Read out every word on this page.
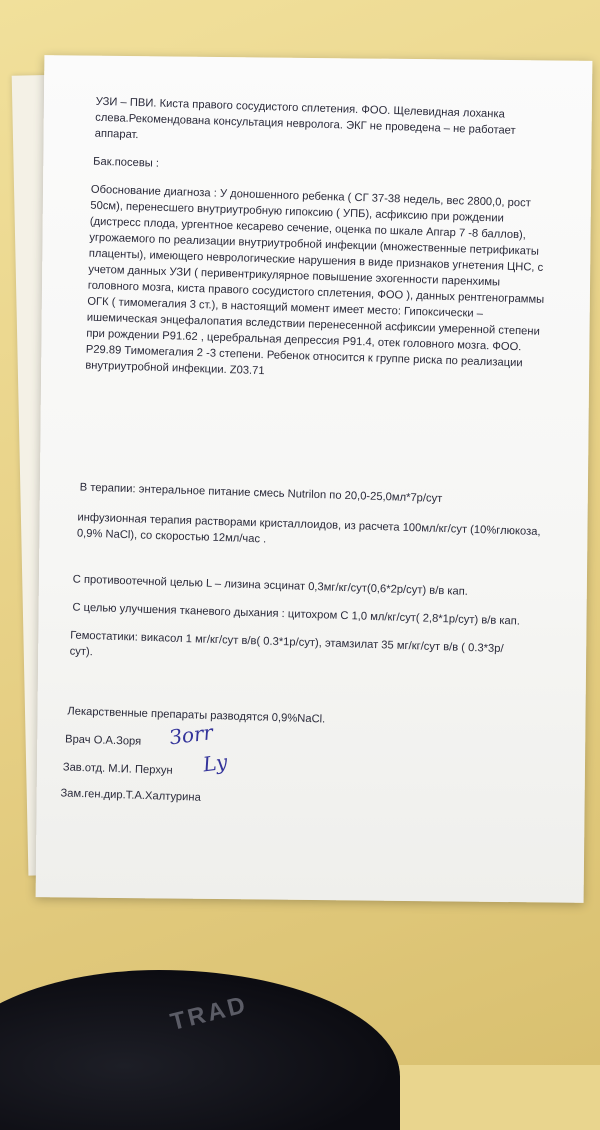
УЗИ – ПВИ. Киста правого сосудистого сплетения. ФОО. Щелевидная лоханка слева.Рекомендована консультация невролога. ЭКГ не проведена – не работает аппарат.

Бак.посевы :

Обоснование диагноза : У доношенного ребенка ( СГ 37-38 недель, вес 2800,0, рост 50см), перенесшего внутриутробную гипоксию ( УПБ), асфиксию при рождении (дистресс плода, ургентное кесарево сечение, оценка по шкале Апгар 7 -8 баллов), угрожаемого по реализации внутриутробной инфекции (множественные петрификаты плаценты), имеющего неврологические нарушения в виде признаков угнетения ЦНС, с учетом данных УЗИ ( перивентрикулярное повышение эхогенности паренхимы головного мозга, киста правого сосудистого сплетения, ФОО ), данных рентгенограммы ОГК ( тимомегалия 3 ст.), в настоящий момент имеет место: Гипоксически – ишемическая энцефалопатия вследствии перенесенной асфиксии умеренной степени при рождении Р91.62 , церебральная депрессия Р91.4, отек головного мозга. ФОО. Р29.89 Тимомегалия 2 -3 степени. Ребенок относится к группе риска по реализации внутриутробной инфекции. Z03.71

В терапии: энтеральное питание смесь Nutrilon по 20,0-25,0мл*7р/сут

инфузионная терапия растворами кристаллоидов, из расчета 100мл/кг/сут (10%глюкоза, 0,9% NaCl), со скоростью 12мл/час .

С противоотечной целью L – лизина эсцинат 0,3мг/кг/сут(0,6*2р/сут) в/в кап.

С целью улучшения тканевого дыхания : цитохром С 1,0 мл/кг/сут( 2,8*1р/сут) в/в кап.

Гемостатики: викасол 1 мг/кг/сут в/в( 0.3*1р/сут), этамзилат 35 мг/кг/сут в/в ( 0.3*3р/сут).

Лекарственные препараты разводятся 0,9%NaCl.

Врач О.А.Зоря	Зorr

Зав.отд. М.И. Перхун	Ly

Зам.ген.дир.Т.А.Халтурина

TRAD
